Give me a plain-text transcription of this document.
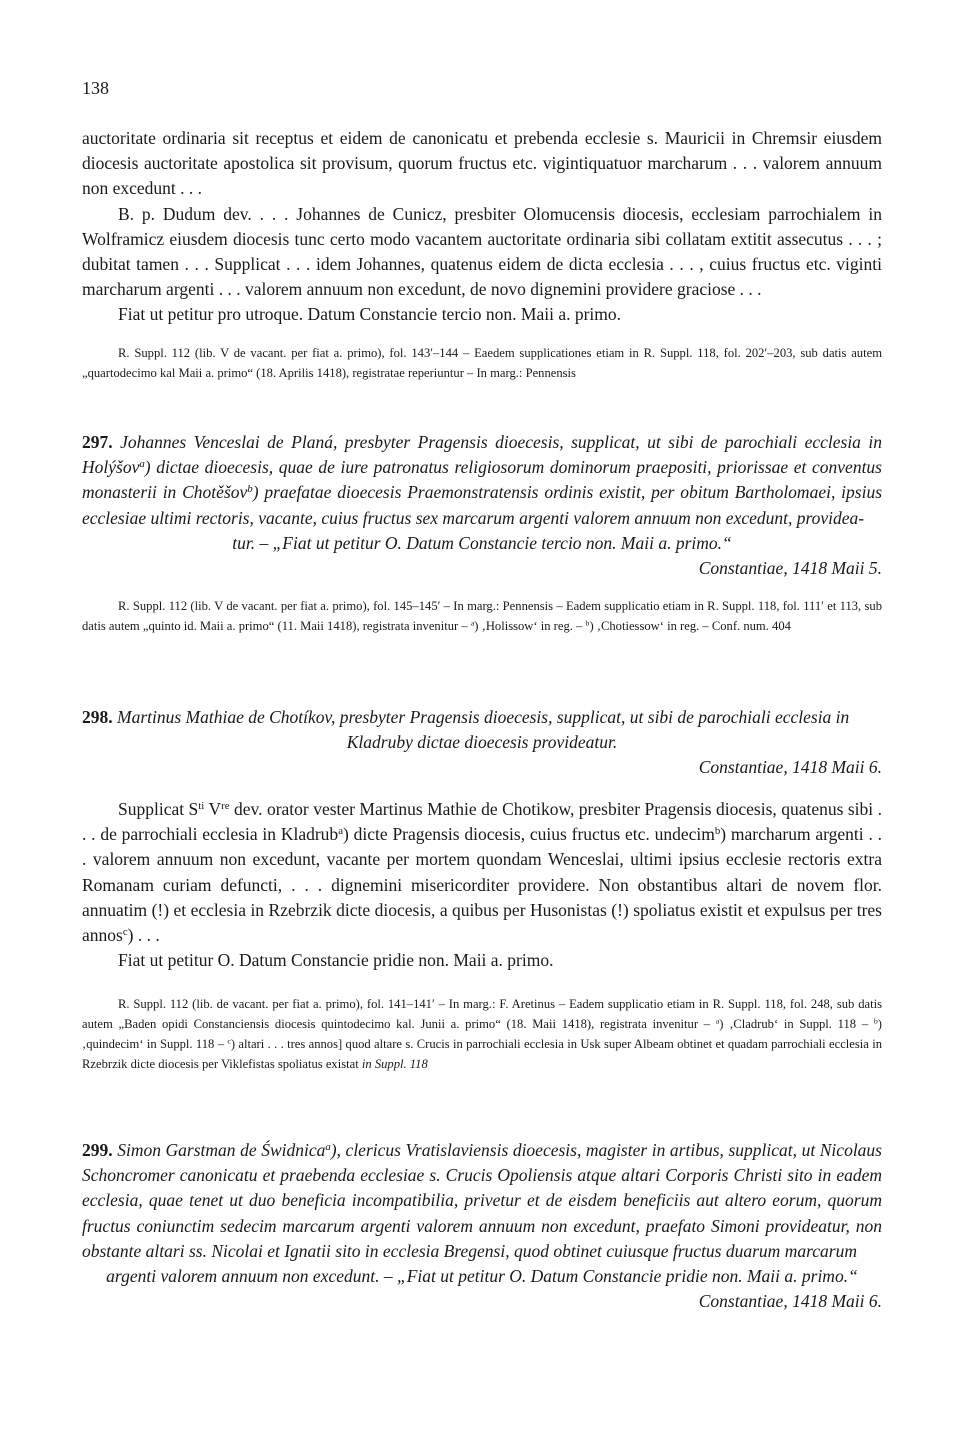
138

auctoritate ordinaria sit receptus et eidem de canonicatu et prebenda ecclesie s. Mauricii in Chremsir eiusdem diocesis auctoritate apostolica sit provisum, quorum fructus etc. vigintiquatuor marcharum . . . valorem annuum non excedunt . . .

B. p. Dudum dev. . . . Johannes de Cunicz, presbiter Olomucensis diocesis, ecclesiam parrochialem in Wolframicz eiusdem diocesis tunc certo modo vacantem auctoritate ordinaria sibi collatam extitit assecutus . . . ; dubitat tamen . . . Supplicat . . . idem Johannes, quatenus eidem de dicta ecclesia . . . , cuius fructus etc. viginti marcharum argenti . . . valorem annuum non excedunt, de novo dignemini providere graciose . . .

Fiat ut petitur pro utroque. Datum Constancie tercio non. Maii a. primo.

R. Suppl. 112 (lib. V de vacant. per fiat a. primo), fol. 143′–144 – Eaedem supplicationes etiam in R. Suppl. 118, fol. 202′–203, sub datis autem „quartodecimo kal Maii a. primo“ (18. Aprilis 1418), registratae reperiuntur – In marg.: Pennensis

297. Johannes Venceslai de Planá, presbyter Pragensis dioecesis, supplicat, ut sibi de parochiali ecclesia in Holýšov$^a$) dictae dioecesis, quae de iure patronatus religiosorum dominorum praepositi, priorissae et conventus monasterii in Chotěšov$^b$) praefatae dioecesis Praemonstratensis ordinis existit, per obitum Bartholomaei, ipsius ecclesiae ultimi rectoris, vacante, cuius fructus sex marcarum argenti valorem annuum non excedunt, providea-

tur. – „Fiat ut petitur O. Datum Constancie tercio non. Maii a. primo.“

Constantiae, 1418 Maii 5.

R. Suppl. 112 (lib. V de vacant. per fiat a. primo), fol. 145–145′ – In marg.: Pennensis – Eadem supplicatio etiam in R. Suppl. 118, fol. 111′ et 113, sub datis autem „quinto id. Maii a. primo“ (11. Maii 1418), registrata invenitur – $^a$) ‚Holissow‘ in reg. – $^b$) ‚Chotiessow‘ in reg. – Conf. num. 404

298. Martinus Mathiae de Chotíkov, presbyter Pragensis dioecesis, supplicat, ut sibi de parochiali ecclesia in

Kladruby dictae dioecesis provideatur.

Constantiae, 1418 Maii 6.

Supplicat $S^{ti}$ Vre dev. orator vester Martinus Mathie de Chotikow, presbiter Pragensis diocesis, quatenus sibi . . . de parrochiali ecclesia in Kladrub$^a$) dicte Pragensis diocesis, cuius fructus etc. undecim$^b$) marcharum argenti . . . valorem annuum non excedunt, vacante per mortem quondam Wenceslai, ultimi ipsius ecclesie rectoris extra Romanam curiam defuncti, . . . dignemini misericorditer providere. Non obstantibus altari de novem flor. annuatim (!) et ecclesia in Rzebrzik dicte diocesis, a quibus per Husonistas (!) spoliatus existit et expulsus per tres annos$^c$) . . .

Fiat ut petitur O. Datum Constancie pridie non. Maii a. primo.

R. Suppl. 112 (lib. de vacant. per fiat a. primo), fol. 141–141′ – In marg.: F. Aretinus – Eadem supplicatio etiam in R. Suppl. 118, fol. 248, sub datis autem „Baden opidi Constanciensis diocesis quintodecimo kal. Junii a. primo“ (18. Maii 1418), registrata invenitur – $^a$) ‚Cladrub‘ in Suppl. 118 – $^b$) ‚quindecim‘ in Suppl. 118 – $^c$) altari . . . tres annos] quod altare s. Crucis in parrochiali ecclesia in Usk super Albeam obtinet et quadam parrochiali ecclesia in Rzebrzik dicte diocesis per Viklefistas spoliatus existat in Suppl. 118

299. Simon Garstman de Świdnica$^a$), clericus Vratislaviensis dioecesis, magister in artibus, supplicat, ut Nicolaus Schoncromer canonicatu et praebenda ecclesiae s. Crucis Opoliensis atque altari Corporis Christi sito in eadem ecclesia, quae tenet ut duo beneficia incompatibilia, privetur et de eisdem beneficiis aut altero eorum, quorum fructus coniunctim sedecim marcarum argenti valorem annuum non excedunt, praefato Simoni provideatur, non obstante altari ss. Nicolai et Ignatii sito in ecclesia Bregensi, quod obtinet cuiusque fructus duarum marcarum

argenti valorem annuum non excedunt. – „Fiat ut petitur O. Datum Constancie pridie non. Maii a. primo.“

Constantiae, 1418 Maii 6.
